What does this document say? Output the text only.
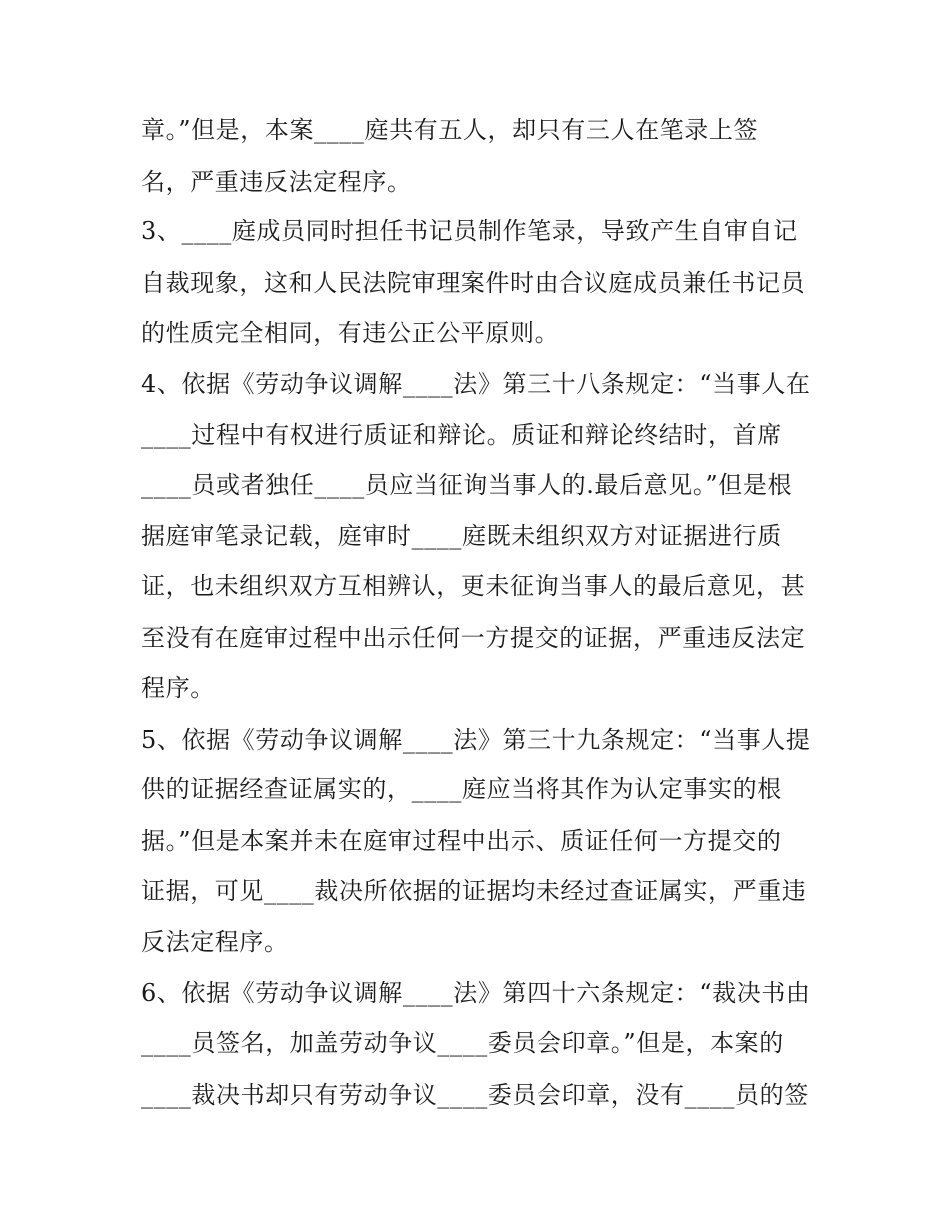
章。”但是，本案____庭共有五人，却只有三人在笔录上签
名，严重违反法定程序。
3、____庭成员同时担任书记员制作笔录，导致产生自审自记
自裁现象，这和人民法院审理案件时由合议庭成员兼任书记员
的性质完全相同，有违公正公平原则。
4、依据《劳动争议调解____法》第三十八条规定：“当事人在
____过程中有权进行质证和辩论。质证和辩论终结时，首席
____员或者独任____员应当征询当事人的.最后意见。”但是根
据庭审笔录记载，庭审时____庭既未组织双方对证据进行质
证，也未组织双方互相辨认，更未征询当事人的最后意见，甚
至没有在庭审过程中出示任何一方提交的证据，严重违反法定
程序。
5、依据《劳动争议调解____法》第三十九条规定：“当事人提
供的证据经查证属实的，____庭应当将其作为认定事实的根
据。”但是本案并未在庭审过程中出示、质证任何一方提交的
证据，可见____裁决所依据的证据均未经过查证属实，严重违
反法定程序。
6、依据《劳动争议调解____法》第四十六条规定：“裁决书由
____员签名，加盖劳动争议____委员会印章。”但是，本案的
____裁决书却只有劳动争议____委员会印章，没有____员的签
